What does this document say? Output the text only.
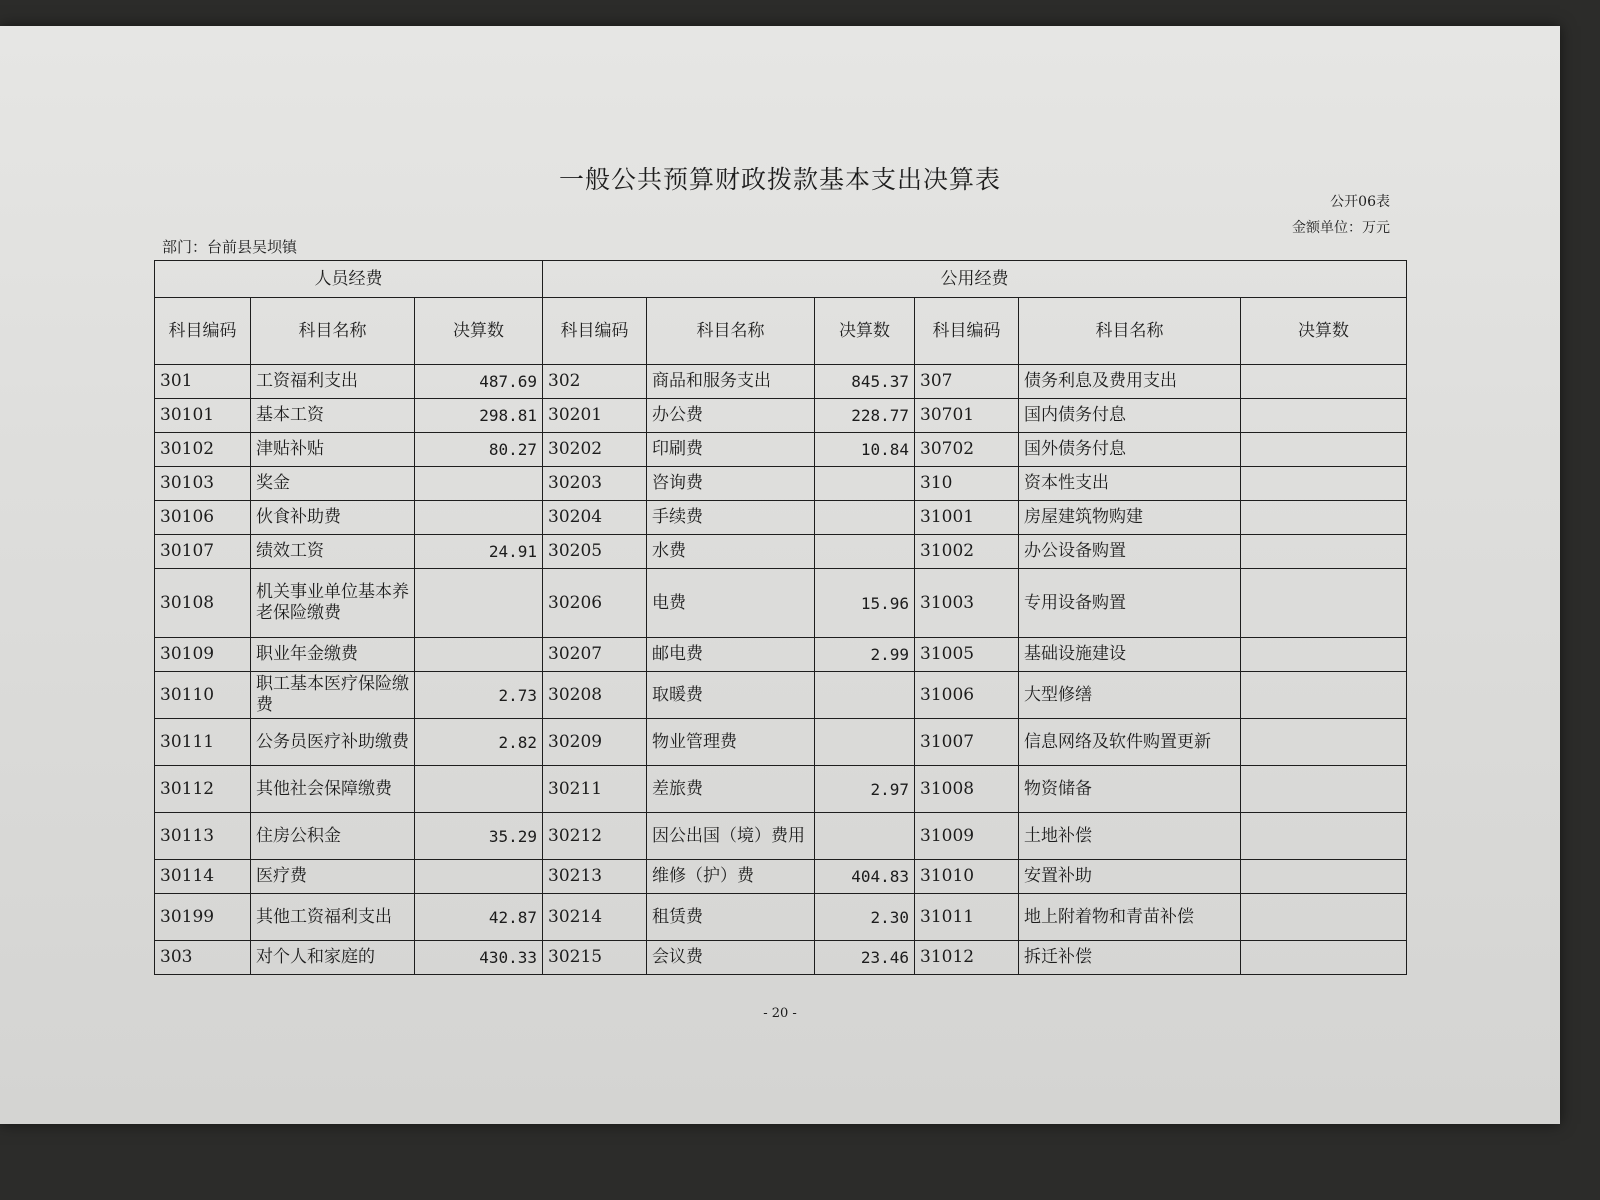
一般公共预算财政拨款基本支出决算表
公开06表
金额单位：万元
部门：台前县吴坝镇
人员经费			公用经费					
科目编码	科目名称	决算数	科目编码	科目名称	决算数	科目编码	科目名称	决算数
301	工资福利支出	487.69	302	商品和服务支出	845.37	307	债务利息及费用支出	
30101	基本工资	298.81	30201	办公费	228.77	30701	国内债务付息	
30102	津贴补贴	80.27	30202	印刷费	10.84	30702	国外债务付息	
30103	奖金		30203	咨询费		310	资本性支出	
30106	伙食补助费		30204	手续费		31001	房屋建筑物购建	
30107	绩效工资	24.91	30205	水费		31002	办公设备购置	
30108	机关事业单位基本养老保险缴费		30206	电费	15.96	31003	专用设备购置	
30109	职业年金缴费		30207	邮电费	2.99	31005	基础设施建设	
30110	职工基本医疗保险缴费	2.73	30208	取暖费		31006	大型修缮	
30111	公务员医疗补助缴费	2.82	30209	物业管理费		31007	信息网络及软件购置更新	
30112	其他社会保障缴费		30211	差旅费	2.97	31008	物资储备	
30113	住房公积金	35.29	30212	因公出国（境）费用		31009	土地补偿	
30114	医疗费		30213	维修（护）费	404.83	31010	安置补助	
30199	其他工资福利支出	42.87	30214	租赁费	2.30	31011	地上附着物和青苗补偿	
303	对个人和家庭的	430.33	30215	会议费	23.46	31012	拆迁补偿	
- 20 -
